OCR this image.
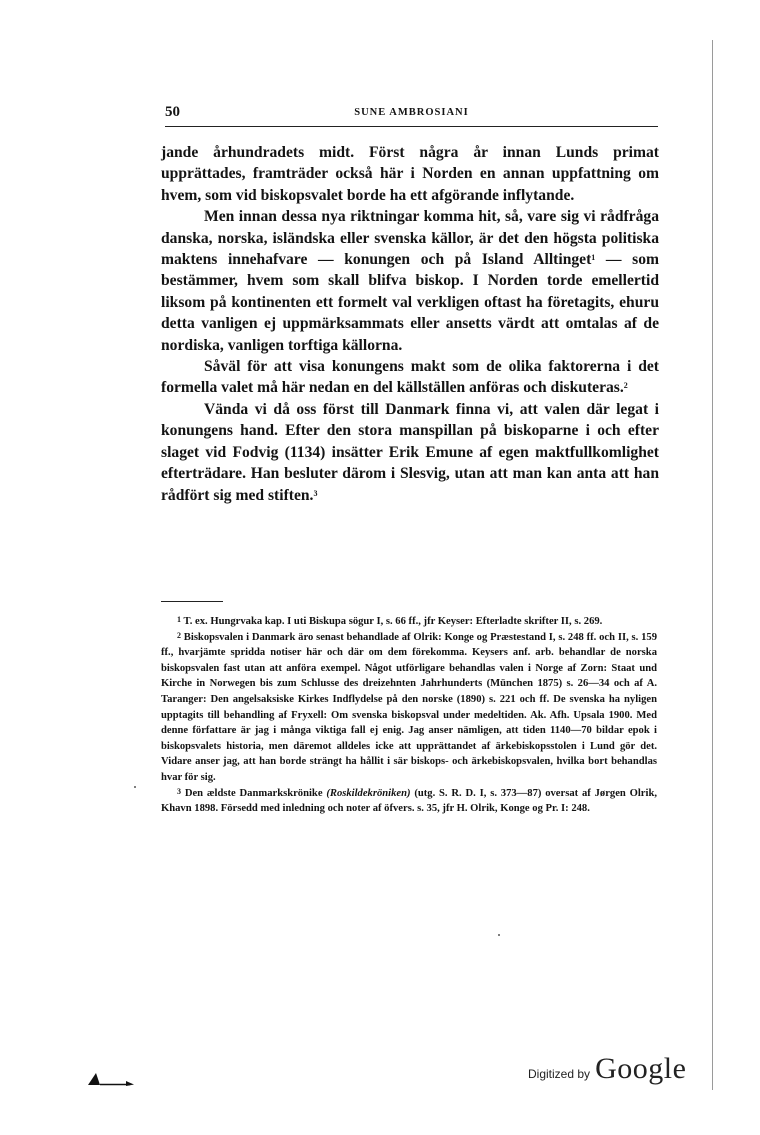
50	SUNE AMBROSIANI

jande århundradets midt. Först några år innan Lunds primat upprättades, framträder också här i Norden en annan uppfattning om hvem, som vid biskopsvalet borde ha ett afgörande inflytande.

Men innan dessa nya riktningar komma hit, så, vare sig vi rådfråga danska, norska, isländska eller svenska källor, är det den högsta politiska maktens innehafvare — konungen och på Island Alltinget$^1$ — som bestämmer, hvem som skall blifva biskop. I Norden torde emellertid liksom på kontinenten ett formelt val verkligen oftast ha företagits, ehuru detta vanligen ej uppmärksammats eller ansetts värdt att omtalas af de nordiska, vanligen torftiga källorna.

Såväl för att visa konungens makt som de olika faktorerna i det formella valet må här nedan en del källställen anföras och diskuteras.$^2$

Vända vi då oss först till Danmark finna vi, att valen där legat i konungens hand. Efter den stora manspillan på biskoparne i och efter slaget vid Fodvig (1134) insätter Erik Emune af egen maktfullkomlighet efterträdare. Han besluter därom i Slesvig, utan att man kan anta att han rådfört sig med stiften.$^3$

$^1$ T. ex. Hungrvaka kap. I uti Biskupa sögur I, s. 66 ff., jfr Keyser: Efterladte skrifter II, s. 269.

$^2$ Biskopsvalen i Danmark äro senast behandlade af Olrik: Konge og Præstestand I, s. 248 ff. och II, s. 159 ff., hvarjämte spridda notiser här och där om dem förekomma. Keysers anf. arb. behandlar de norska biskopsvalen fast utan att anföra exempel. Något utförligare behandlas valen i Norge af Zorn: Staat und Kirche in Norwegen bis zum Schlusse des dreizehnten Jahrhunderts (München 1875) s. 26—34 och af A. Taranger: Den angelsaksiske Kirkes Indflydelse på den norske (1890) s. 221 och ff. De svenska ha nyligen upptagits till behandling af Fryxell: Om svenska biskopsval under medeltiden. Ak. Afh. Upsala 1900. Med denne författare är jag i många viktiga fall ej enig. Jag anser nämligen, att tiden 1140—70 bildar epok i biskopsvalets historia, men däremot alldeles icke att upprättandet af ärkebiskopsstolen i Lund gör det. Vidare anser jag, att han borde strängt ha hållit i sär biskops- och ärkebiskopsvalen, hvilka bort behandlas hvar för sig.

$^3$ Den ældste Danmarkskrönike (Roskildekröniken) (utg. S. R. D. I, s. 373—87) oversat af Jørgen Olrik, Khavn 1898. Försedd med inledning och noter af öfvers. s. 35, jfr H. Olrik, Konge og Pr. I: 248.

Digitized by Google
